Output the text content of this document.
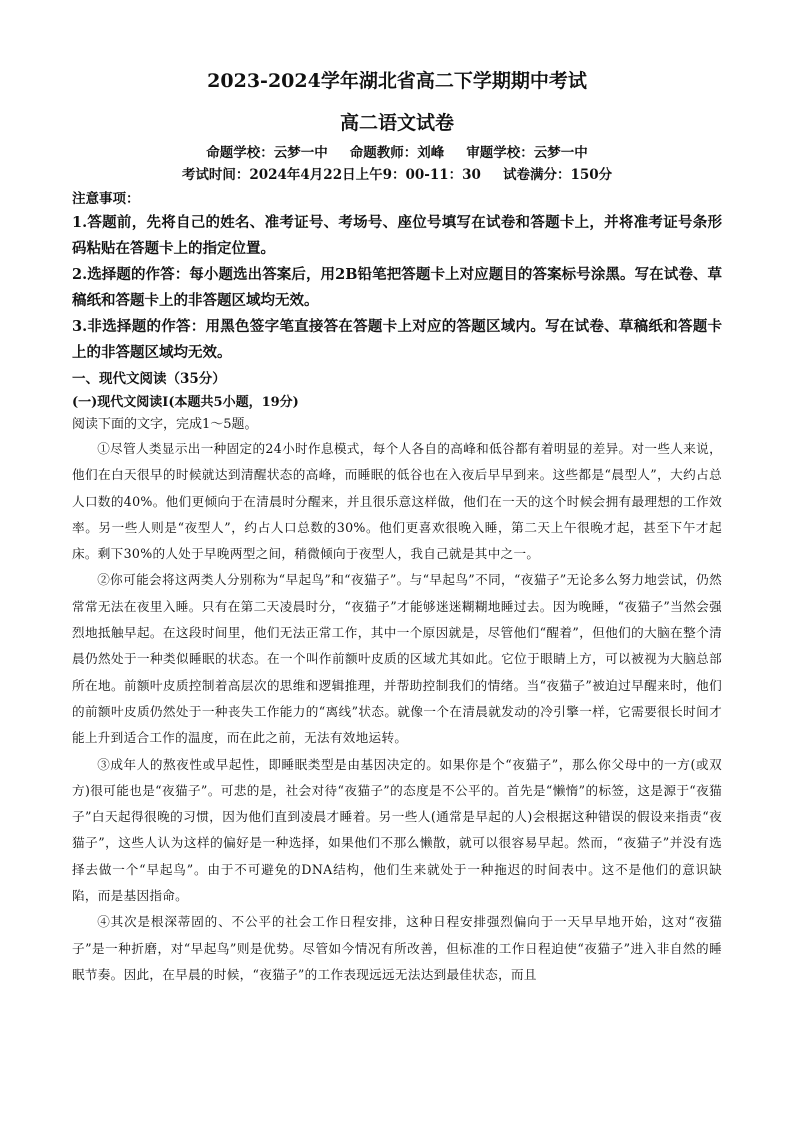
2023-2024学年湖北省高二下学期期中考试
高二语文试卷

命题学校：云梦一中 命题教师：刘峰 审题学校：云梦一中

考试时间：2024年4月22日上午9：00-11：30 试卷满分：150分

注意事项：

1.答题前，先将自己的姓名、准考证号、考场号、座位号填写在试卷和答题卡上，并将准考证号条形码粘贴在答题卡上的指定位置。

2.选择题的作答：每小题选出答案后，用2B铅笔把答题卡上对应题目的答案标号涂黑。写在试卷、草稿纸和答题卡上的非答题区域均无效。

3.非选择题的作答：用黑色签字笔直接答在答题卡上对应的答题区域内。写在试卷、草稿纸和答题卡上的非答题区域均无效。

一、现代文阅读（35分）

(一)现代文阅读Ⅰ(本题共5小题，19分)

阅读下面的文字，完成1～5题。

①尽管人类显示出一种固定的24小时作息模式，每个人各自的高峰和低谷都有着明显的差异。对一些人来说，他们在白天很早的时候就达到清醒状态的高峰，而睡眠的低谷也在入夜后早早到来。这些都是“晨型人”，大约占总人口数的40%。他们更倾向于在清晨时分醒来，并且很乐意这样做，他们在一天的这个时候会拥有最理想的工作效率。另一些人则是“夜型人”，约占人口总数的30%。他们更喜欢很晚入睡，第二天上午很晚才起，甚至下午才起床。剩下30%的人处于早晚两型之间，稍微倾向于夜型人，我自己就是其中之一。

②你可能会将这两类人分别称为“早起鸟”和“夜猫子”。与“早起鸟”不同，“夜猫子”无论多么努力地尝试，仍然常常无法在夜里入睡。只有在第二天凌晨时分，“夜猫子”才能够迷迷糊糊地睡过去。因为晚睡，“夜猫子”当然会强烈地抵触早起。在这段时间里，他们无法正常工作，其中一个原因就是，尽管他们“醒着”，但他们的大脑在整个清晨仍然处于一种类似睡眠的状态。在一个叫作前额叶皮质的区域尤其如此。它位于眼睛上方，可以被视为大脑总部所在地。前额叶皮质控制着高层次的思维和逻辑推理，并帮助控制我们的情绪。当“夜猫子”被迫过早醒来时，他们的前额叶皮质仍然处于一种丧失工作能力的“离线”状态。就像一个在清晨就发动的冷引擎一样，它需要很长时间才能上升到适合工作的温度，而在此之前，无法有效地运转。

③成年人的熬夜性或早起性，即睡眠类型是由基因决定的。如果你是个“夜猫子”，那么你父母中的一方(或双方)很可能也是“夜猫子”。可悲的是，社会对待“夜猫子”的态度是不公平的。首先是“懒惰”的标签，这是源于“夜猫子”白天起得很晚的习惯，因为他们直到凌晨才睡着。另一些人(通常是早起的人)会根据这种错误的假设来指责“夜猫子”，这些人认为这样的偏好是一种选择，如果他们不那么懒散，就可以很容易早起。然而，“夜猫子”并没有选择去做一个“早起鸟”。由于不可避免的DNA结构，他们生来就处于一种拖迟的时间表中。这不是他们的意识缺陷，而是基因指命。

④其次是根深蒂固的、不公平的社会工作日程安排，这种日程安排强烈偏向于一天早早地开始，这对“夜猫子”是一种折磨，对“早起鸟”则是优势。尽管如今情况有所改善，但标准的工作日程迫使“夜猫子”进入非自然的睡眠节奏。因此，在早晨的时候，“夜猫子”的工作表现远远无法达到最佳状态，而且
